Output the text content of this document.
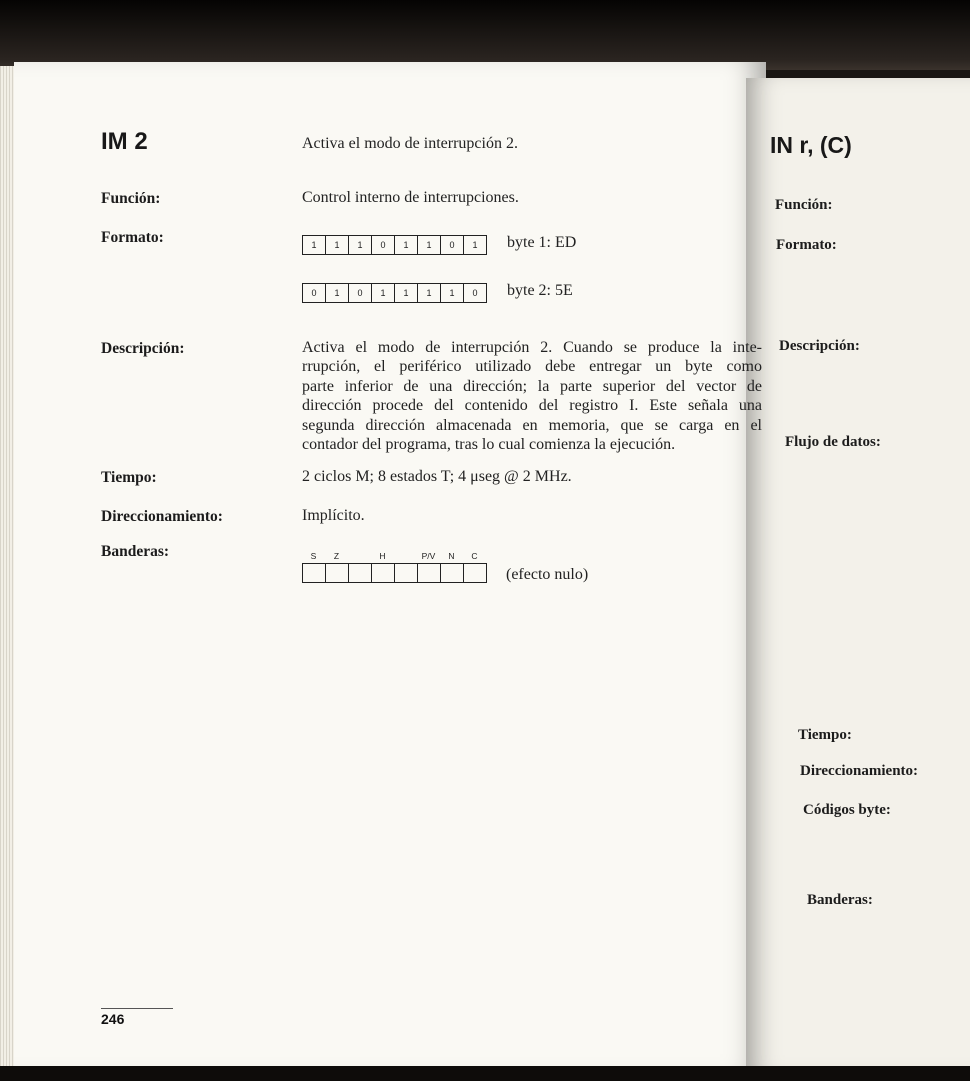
IM 2	Activa el modo de interrupción 2.
Función:	Control interno de interrupciones.
Formato:	1	1	1	0	1	1	0	1	byte 1: ED
0	1	0	1	1	1	1	0	byte 2: 5E
Descripción:	Activa el modo de interrupción 2. Cuando se produce la inte-
rrupción, el periférico utilizado debe entregar un byte como
parte inferior de una dirección; la parte superior del vector de
dirección procede del contenido del registro I. Este señala una
segunda dirección almacenada en memoria, que se carga en el
contador del programa, tras lo cual comienza la ejecución.
Tiempo:	2 ciclos M; 8 estados T; 4 μseg @ 2 MHz.
Direccionamiento:	Implícito.
Banderas:	S	Z	H	P/V	N	C
(efecto nulo)
246
IN r, (C)
Función:
Formato:
Descripción:
Flujo de datos:
Tiempo:
Direccionamiento:
Códigos byte:
Banderas:
